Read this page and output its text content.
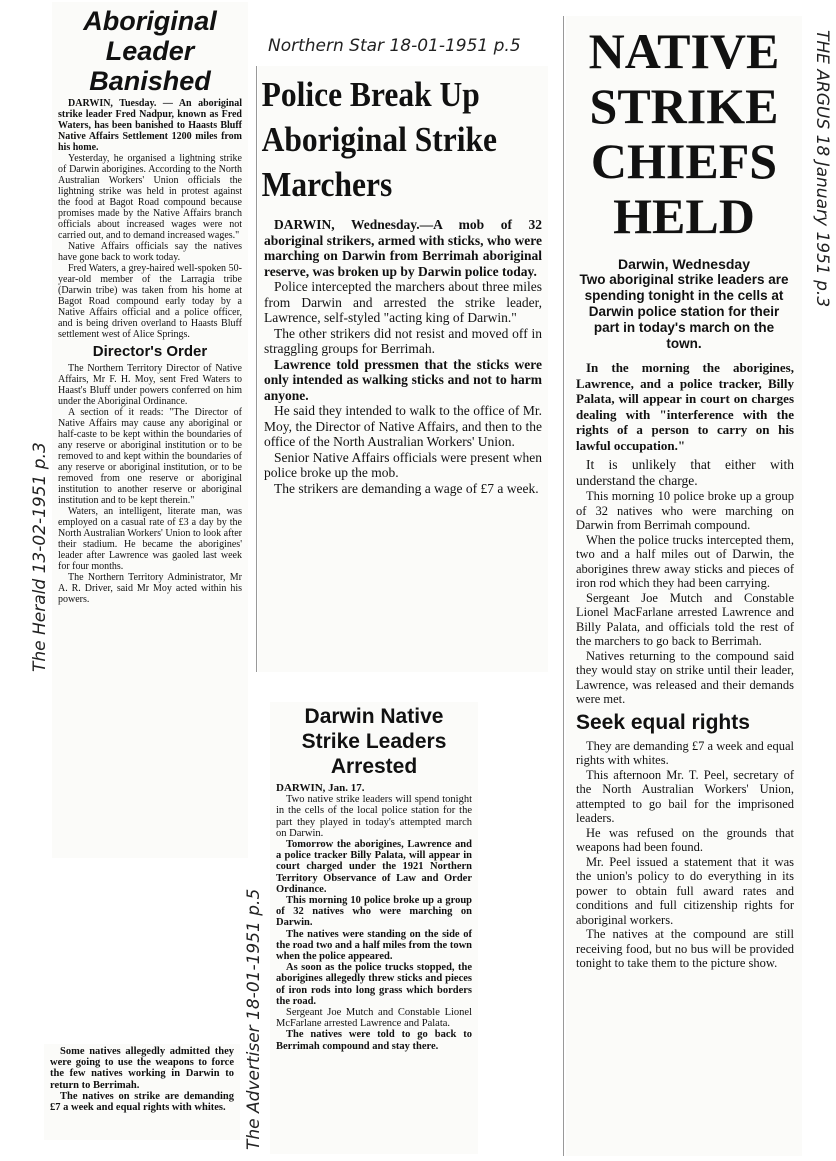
Aboriginal
Leader
Banished

DARWIN, Tuesday. — An aboriginal strike leader Fred Nadpur, known as Fred Waters, has been banished to Haasts Bluff Native Affairs Settlement 1200 miles from his home.

Yesterday, he organised a lightning strike of Darwin aborigines. According to the North Australian Workers' Union officials the lightning strike was held in protest against the food at Bagot Road compound because promises made by the Native Affairs branch officials about increased wages were not carried out, and to demand increased wages."

Native Affairs officials say the natives have gone back to work today.

Fred Waters, a grey-haired well-spoken 50-year-old member of the Larragia tribe (Darwin tribe) was taken from his home at Bagot Road compound early today by a Native Affairs official and a police officer, and is being driven overland to Haasts Bluff settlement west of Alice Springs.

Director's Order

The Northern Territory Director of Native Affairs, Mr F. H. Moy, sent Fred Waters to Haast's Bluff under powers conferred on him under the Aboriginal Ordinance.

A section of it reads: "The Director of Native Affairs may cause any aboriginal or half-caste to be kept within the boundaries of any reserve or aboriginal institution or to be removed to and kept within the boundaries of any reserve or aboriginal institution, or to be removed from one reserve or aboriginal institution to another reserve or aboriginal institution and to be kept therein."

Waters, an intelligent, literate man, was employed on a casual rate of £3 a day by the North Australian Workers' Union to look after their stadium. He became the aborigines' leader after Lawrence was gaoled last week for four months.

The Northern Territory Administrator, Mr A. R. Driver, said Mr Moy acted within his powers.

The Herald 13-02-1951 p.3
Northern Star 18-01-1951 p.5
Police Break Up Aboriginal Strike Marchers

DARWIN, Wednesday.—A mob of 32 aboriginal strikers, armed with sticks, who were marching on Darwin from Berrimah aboriginal reserve, was broken up by Darwin police today.

Police intercepted the marchers about three miles from Darwin and arrested the strike leader, Lawrence, self-styled "acting king of Darwin."

The other strikers did not resist and moved off in straggling groups for Berrimah.

Lawrence told pressmen that the sticks were only intended as walking sticks and not to harm anyone.

He said they intended to walk to the office of Mr. Moy, the Director of Native Affairs, and then to the office of the North Australian Workers' Union.

Senior Native Affairs officials were present when police broke up the mob.

The strikers are demanding a wage of £7 a week.

Darwin Native Strike Leaders Arrested

DARWIN, Jan. 17.

Two native strike leaders will spend tonight in the cells of the local police station for the part they played in today's attempted march on Darwin.

Tomorrow the aborigines, Lawrence and a police tracker Billy Palata, will appear in court charged under the 1921 Northern Territory Observance of Law and Order Ordinance.

This morning 10 police broke up a group of 32 natives who were marching on Darwin.

The natives were standing on the side of the road two and a half miles from the town when the police appeared.

As soon as the police trucks stopped, the aborigines allegedly threw sticks and pieces of iron rods into long grass which borders the road.

Sergeant Joe Mutch and Constable Lionel McFarlane arrested Lawrence and Palata.

The natives were told to go back to Berrimah compound and stay there.

The Advertiser 18-01-1951 p.5

Some natives allegedly admitted they were going to use the weapons to force the few natives working in Darwin to return to Berrimah.

The natives on strike are demanding £7 a week and equal rights with whites.

NATIVE
STRIKE
CHIEFS
HELD
Darwin, Wednesday
Two aboriginal strike leaders are spending tonight in the cells at Darwin police station for their part in today's march on the town.

In the morning the aborigines, Lawrence, and a police tracker, Billy Palata, will appear in court on charges dealing with "interference with the rights of a person to carry on his lawful occupation."

It is unlikely that either with understand the charge.

This morning 10 police broke up a group of 32 natives who were marching on Darwin from Berrimah compound.

When the police trucks intercepted them, two and a half miles out of Darwin, the aborigines threw away sticks and pieces of iron rod which they had been carrying.

Sergeant Joe Mutch and Constable Lionel MacFarlane arrested Lawrence and Billy Palata, and officials told the rest of the marchers to go back to Berrimah.

Natives returning to the compound said they would stay on strike until their leader, Lawrence, was released and their demands were met.

Seek equal rights

They are demanding £7 a week and equal rights with whites.

This afternoon Mr. T. Peel, secretary of the North Australian Workers' Union, attempted to go bail for the imprisoned leaders.

He was refused on the grounds that weapons had been found.

Mr. Peel issued a statement that it was the union's policy to do everything in its power to obtain full award rates and conditions and full citizenship rights for aboriginal workers.

The natives at the compound are still receiving food, but no bus will be provided tonight to take them to the picture show.

THE ARGUS 18 January 1951 p.3
